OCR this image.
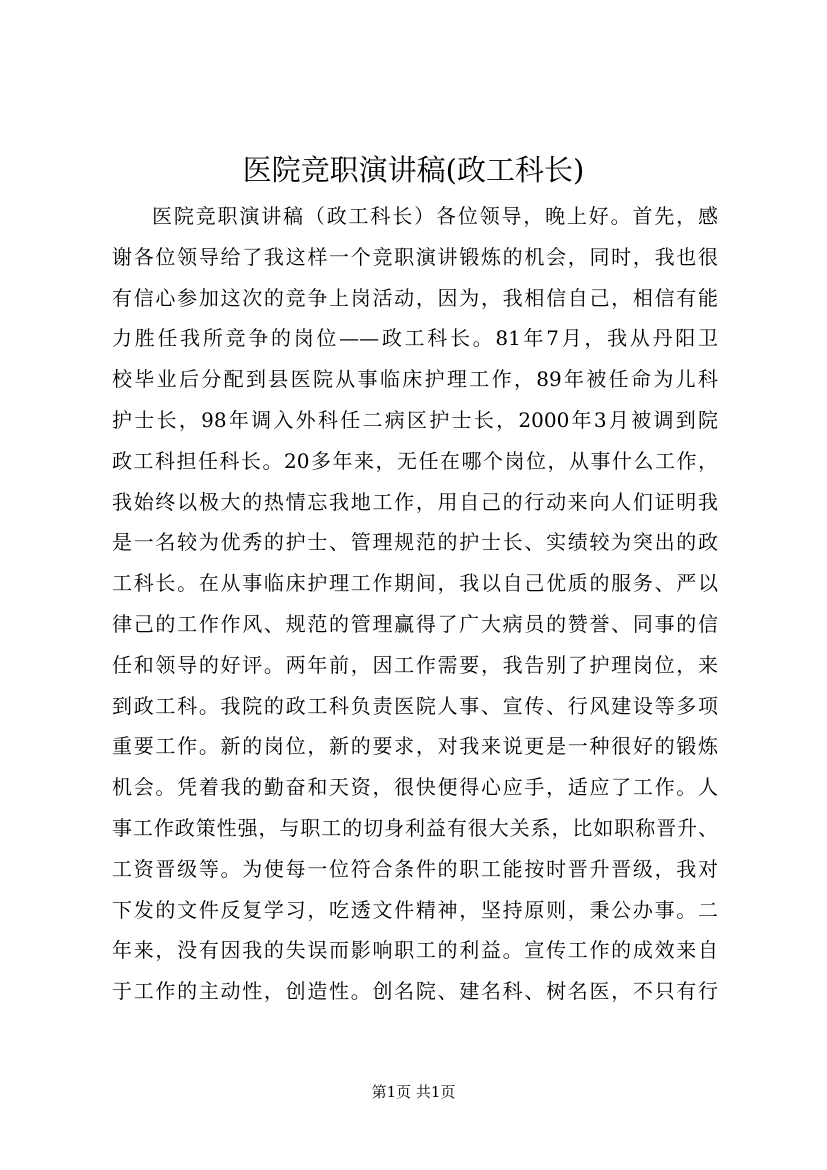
医院竞职演讲稿(政工科长)
医院竞职演讲稿（政工科长）各位领导，晚上好。首先，感
谢各位领导给了我这样一个竞职演讲锻炼的机会，同时，我也很
有信心参加这次的竞争上岗活动，因为，我相信自己，相信有能
力胜任我所竞争的岗位——政工科长。81年7月，我从丹阳卫
校毕业后分配到县医院从事临床护理工作，89年被任命为儿科
护士长，98年调入外科任二病区护士长，2000年3月被调到院
政工科担任科长。20多年来，无任在哪个岗位，从事什么工作，
我始终以极大的热情忘我地工作，用自己的行动来向人们证明我
是一名较为优秀的护士、管理规范的护士长、实绩较为突出的政
工科长。在从事临床护理工作期间，我以自己优质的服务、严以
律己的工作作风、规范的管理赢得了广大病员的赞誉、同事的信
任和领导的好评。两年前，因工作需要，我告别了护理岗位，来
到政工科。我院的政工科负责医院人事、宣传、行风建设等多项
重要工作。新的岗位，新的要求，对我来说更是一种很好的锻炼
机会。凭着我的勤奋和天资，很快便得心应手，适应了工作。人
事工作政策性强，与职工的切身利益有很大关系，比如职称晋升、
工资晋级等。为使每一位符合条件的职工能按时晋升晋级，我对
下发的文件反复学习，吃透文件精神，坚持原则，秉公办事。二
年来，没有因我的失误而影响职工的利益。宣传工作的成效来自
于工作的主动性，创造性。创名院、建名科、树名医，不只有行
第1页 共1页
